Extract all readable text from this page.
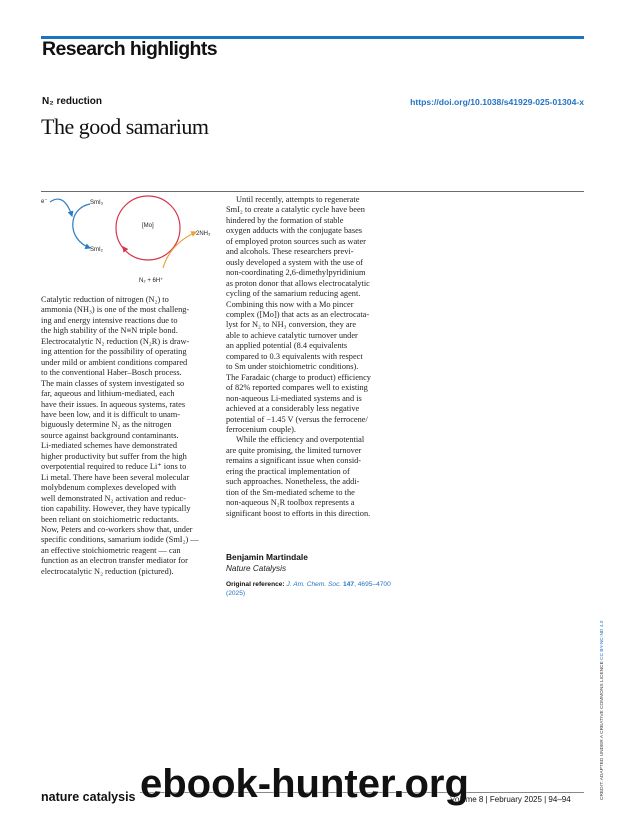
Research highlights
N₂ reduction	https://doi.org/10.1038/s41929-025-01304-x
The good samarium
e⁻	SmI₃
SmI₂
[Mo]
2NH₃
N₂ + 6H⁺
Catalytic reduction of nitrogen (N₂) to
ammonia (NH₃) is one of the most challeng-
ing and energy intensive reactions due to
the high stability of the N≡N triple bond.
Electrocatalytic N₂ reduction (N₂R) is draw-
ing attention for the possibility of operating
under mild or ambient conditions compared
to the conventional Haber–Bosch process.
The main classes of system investigated so
far, aqueous and lithium-mediated, each
have their issues. In aqueous systems, rates
have been low, and it is difficult to unam-
biguously determine N₂ as the nitrogen
source against background contaminants.
Li-mediated schemes have demonstrated
higher productivity but suffer from the high
overpotential required to reduce Li⁺ ions to
Li metal. There have been several molecular
molybdenum complexes developed with
well demonstrated N₂ activation and reduc-
tion capability. However, they have typically
been reliant on stoichiometric reductants.
Now, Peters and co-workers show that, under
specific conditions, samarium iodide (SmI₂) —
an effective stoichiometric reagent — can
function as an electron transfer mediator for
electrocatalytic N₂ reduction (pictured).
Until recently, attempts to regenerate
SmI₂ to create a catalytic cycle have been
hindered by the formation of stable
oxygen adducts with the conjugate bases
of employed proton sources such as water
and alcohols. These researchers previ-
ously developed a system with the use of
non-coordinating 2,6-dimethylpyridinium
as proton donor that allows electrocatalytic
cycling of the samarium reducing agent.
Combining this now with a Mo pincer
complex ([Mo]) that acts as an electrocata-
lyst for N₂ to NH₃ conversion, they are
able to achieve catalytic turnover under
an applied potential (8.4 equivalents
compared to 0.3 equivalents with respect
to Sm under stoichiometric conditions).
The Faradaic (charge to product) efficiency
of 82% reported compares well to existing
non-aqueous Li-mediated systems and is
achieved at a considerably less negative
potential of −1.45 V (versus the ferrocene/
ferrocenium couple).
While the efficiency and overpotential
are quite promising, the limited turnover
remains a significant issue when consid-
ering the practical implementation of
such approaches. Nonetheless, the addi-
tion of the Sm-mediated scheme to the
non-aqueous N₂R toolbox represents a
significant boost to efforts in this direction.
Benjamin Martindale
Nature Catalysis
Original reference: J. Am. Chem. Soc. 147, 4695–4700
(2025)
CREDIT: ADAPTED UNDER A CREATIVE COMMONS LICENCE CC BY-NC-ND 4.0
nature catalysis	Volume 8 | February 2025 | 94–94
ebook-hunter.org
